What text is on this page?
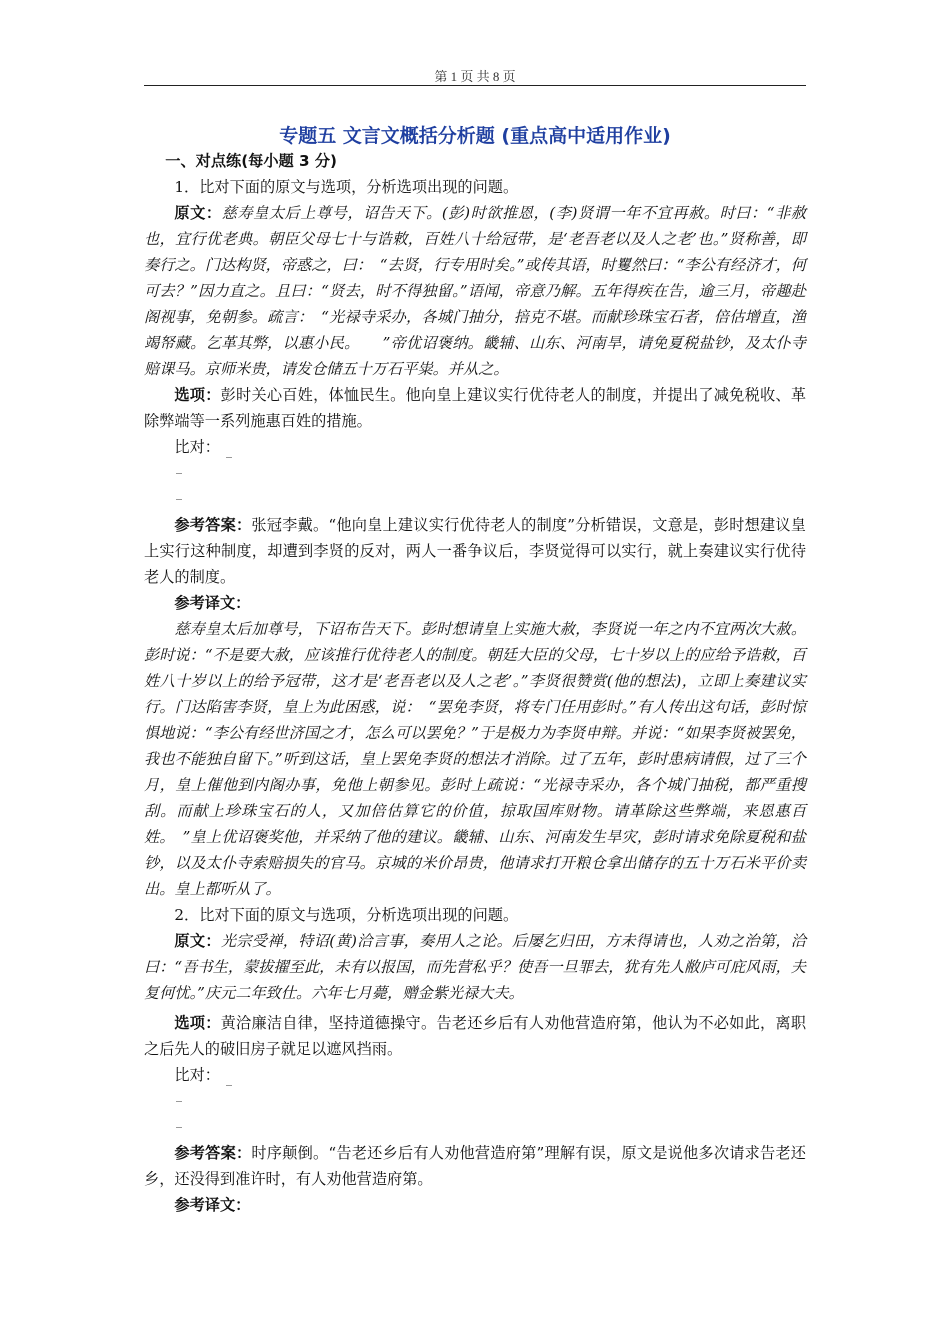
第 1 页 共 8 页
专题五 文言文概括分析题 (重点高中适用作业)

一、对点练(每小题 3 分)

1．比对下面的原文与选项，分析选项出现的问题。

原文：慈寿皇太后上尊号，诏告天下。(彭)时欲推恩，(李)贤谓一年不宜再赦。时曰：“非赦也，宜行优老典。朝臣父母七十与诰敕，百姓八十给冠带，是‘老吾老以及人之老’也。”贤称善，即奏行之。门达构贤，帝惑之，曰：　“去贤，行专用时矣。”或传其语，时矍然曰：“李公有经济才，何可去？”因力直之。且曰：“贤去，时不得独留。”语闻，帝意乃解。五年得疾在告，逾三月，帝趣赴阁视事，免朝参。疏言：　“光禄寺采办，各城门抽分，掊克不堪。而献珍珠宝石者，倍估增直，渔竭帑藏。乞革其弊，以惠小民。　　”帝优诏褒纳。畿辅、山东、河南旱，请免夏税盐钞，及太仆寺赔课马。京师米贵，请发仓储五十万石平粜。并从之。

选项：彭时关心百姓，体恤民生。他向皇上建议实行优待老人的制度，并提出了减免税收、革除弊端等一系列施惠百姓的措施。

比对：

参考答案：张冠李戴。“他向皇上建议实行优待老人的制度”分析错误，文意是，彭时想建议皇上实行这种制度，却遭到李贤的反对，两人一番争议后，李贤觉得可以实行，就上奏建议实行优待老人的制度。

参考译文：

慈寿皇太后加尊号，下诏布告天下。彭时想请皇上实施大赦，李贤说一年之内不宜两次大赦。彭时说：“不是要大赦，应该推行优待老人的制度。朝廷大臣的父母，七十岁以上的应给予诰敕，百姓八十岁以上的给予冠带，这才是‘老吾老以及人之老’。”李贤很赞赏(他的想法)，立即上奏建议实行。门达陷害李贤，皇上为此困惑，说：　“罢免李贤，将专门任用彭时。”有人传出这句话，彭时惊惧地说：“李公有经世济国之才，怎么可以罢免？”于是极力为李贤申辩。并说：“如果李贤被罢免，我也不能独自留下。”听到这话，皇上罢免李贤的想法才消除。过了五年，彭时患病请假，过了三个月，皇上催他到内阁办事，免他上朝参见。彭时上疏说：“光禄寺采办，各个城门抽税，都严重搜刮。而献上珍珠宝石的人，又加倍估算它的价值，掠取国库财物。请革除这些弊端，来恩惠百姓。　”皇上优诏褒奖他，并采纳了他的建议。畿辅、山东、河南发生旱灾，彭时请求免除夏税和盐钞，以及太仆寺索赔损失的官马。京城的米价昂贵，他请求打开粮仓拿出储存的五十万石米平价卖出。皇上都听从了。

2．比对下面的原文与选项，分析选项出现的问题。

原文：光宗受禅，特诏(黄)洽言事，奏用人之论。后屡乞归田，方未得请也，人劝之治第，洽曰：“吾书生，蒙拔擢至此，未有以报国，而先营私乎？使吾一旦罪去，犹有先人敝庐可庇风雨，夫复何忧。”庆元二年致仕。六年七月薨，赠金紫光禄大夫。

选项：黄洽廉洁自律，坚持道德操守。告老还乡后有人劝他营造府第，他认为不必如此，离职之后先人的破旧房子就足以遮风挡雨。

比对：

参考答案：时序颠倒。“告老还乡后有人劝他营造府第”理解有误，原文是说他多次请求告老还乡，还没得到准许时，有人劝他营造府第。

参考译文：
